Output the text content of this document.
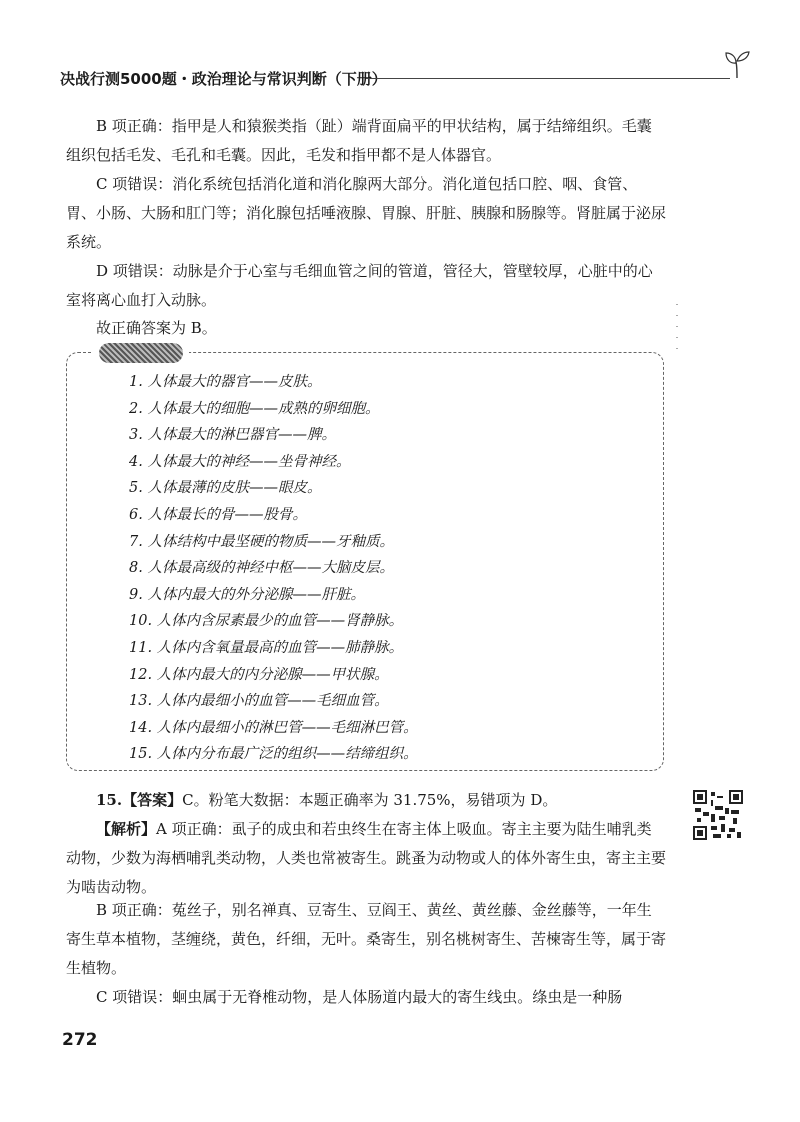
决战行测5000题・政治理论与常识判断（下册）

B 项正确：指甲是人和猿猴类指（趾）端背面扁平的甲状结构，属于结缔组织。毛囊组织包括毛发、毛孔和毛囊。因此，毛发和指甲都不是人体器官。

C 项错误：消化系统包括消化道和消化腺两大部分。消化道包括口腔、咽、食管、胃、小肠、大肠和肛门等；消化腺包括唾液腺、胃腺、肝脏、胰腺和肠腺等。肾脏属于泌尿系统。

D 项错误：动脉是介于心室与毛细血管之间的管道，管径大，管壁较厚，心脏中的心室将离心血打入动脉。

故正确答案为 B。

1. 人体最大的器官——皮肤。
2. 人体最大的细胞——成熟的卵细胞。
3. 人体最大的淋巴器官——脾。
4. 人体最大的神经——坐骨神经。
5. 人体最薄的皮肤——眼皮。
6. 人体最长的骨——股骨。
7. 人体结构中最坚硬的物质——牙釉质。
8. 人体最高级的神经中枢——大脑皮层。
9. 人体内最大的外分泌腺——肝脏。
10. 人体内含尿素最少的血管——肾静脉。
11. 人体内含氧量最高的血管——肺静脉。
12. 人体内最大的内分泌腺——甲状腺。
13. 人体内最细小的血管——毛细血管。
14. 人体内最细小的淋巴管——毛细淋巴管。
15. 人体内分布最广泛的组织——结缔组织。

15.【答案】C。粉笔大数据：本题正确率为 31.75%，易错项为 D。

【解析】A 项正确：虱子的成虫和若虫终生在寄主体上吸血。寄主主要为陆生哺乳类动物，少数为海栖哺乳类动物，人类也常被寄生。跳蚤为动物或人的体外寄生虫，寄主主要为啮齿动物。

B 项正确：菟丝子，别名禅真、豆寄生、豆阎王、黄丝、黄丝藤、金丝藤等，一年生寄生草本植物，茎缠绕，黄色，纤细，无叶。桑寄生，别名桃树寄生、苦楝寄生等，属于寄生植物。

C 项错误：蛔虫属于无脊椎动物，是人体肠道内最大的寄生线虫。绦虫是一种肠

272
